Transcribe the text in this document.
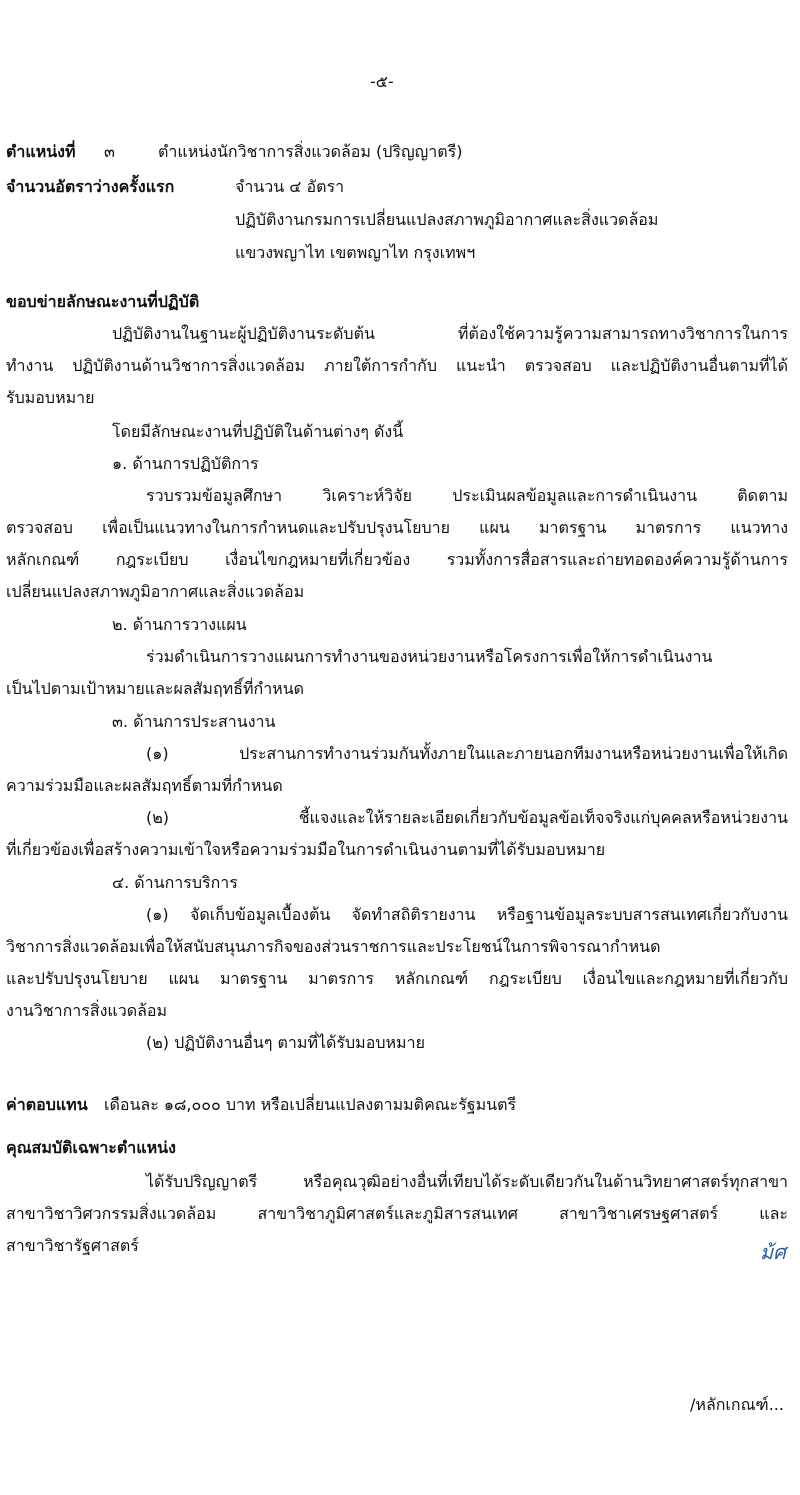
-๕-
ตำแหน่งที่ ๓	ตำแหน่งนักวิชาการสิ่งแวดล้อม (ปริญญาตรี)
จำนวนอัตราว่างครั้งแรก	จำนวน ๔ อัตรา
ปฏิบัติงานกรมการเปลี่ยนแปลงสภาพภูมิอากาศและสิ่งแวดล้อม
แขวงพญาไท เขตพญาไท กรุงเทพฯ
ขอบข่ายลักษณะงานที่ปฏิบัติ
ปฏิบัติงานในฐานะผู้ปฏิบัติงานระดับต้น ที่ต้องใช้ความรู้ความสามารถทางวิชาการในการ
ทำงาน ปฏิบัติงานด้านวิชาการสิ่งแวดล้อม ภายใต้การกำกับ แนะนำ ตรวจสอบ และปฏิบัติงานอื่นตามที่ได้
รับมอบหมาย
โดยมีลักษณะงานที่ปฏิบัติในด้านต่างๆ ดังนี้
๑. ด้านการปฏิบัติการ
รวบรวมข้อมูลศึกษา วิเคราะห์วิจัย ประเมินผลข้อมูลและการดำเนินงาน ติดตาม
ตรวจสอบ เพื่อเป็นแนวทางในการกำหนดและปรับปรุงนโยบาย แผน มาตรฐาน มาตรการ แนวทาง
หลักเกณฑ์ กฎระเบียบ เงื่อนไขกฎหมายที่เกี่ยวข้อง รวมทั้งการสื่อสารและถ่ายทอดองค์ความรู้ด้านการ
เปลี่ยนแปลงสภาพภูมิอากาศและสิ่งแวดล้อม
๒. ด้านการวางแผน
ร่วมดำเนินการวางแผนการทำงานของหน่วยงานหรือโครงการเพื่อให้การดำเนินงาน
เป็นไปตามเป้าหมายและผลสัมฤทธิ์ที่กำหนด
๓. ด้านการประสานงาน
(๑) ประสานการทำงานร่วมกันทั้งภายในและภายนอกทีมงานหรือหน่วยงานเพื่อให้เกิด
ความร่วมมือและผลสัมฤทธิ์ตามที่กำหนด
(๒) ชี้แจงและให้รายละเอียดเกี่ยวกับข้อมูลข้อเท็จจริงแก่บุคคลหรือหน่วยงาน
ที่เกี่ยวข้องเพื่อสร้างความเข้าใจหรือความร่วมมือในการดำเนินงานตามที่ได้รับมอบหมาย
๔. ด้านการบริการ
(๑) จัดเก็บข้อมูลเบื้องต้น จัดทำสถิติรายงาน หรือฐานข้อมูลระบบสารสนเทศเกี่ยวกับงาน
วิชาการสิ่งแวดล้อมเพื่อให้สนับสนุนภารกิจของส่วนราชการและประโยชน์ในการพิจารณากำหนด
และปรับปรุงนโยบาย แผน มาตรฐาน มาตรการ หลักเกณฑ์ กฎระเบียบ เงื่อนไขและกฎหมายที่เกี่ยวกับ
งานวิชาการสิ่งแวดล้อม
(๒) ปฏิบัติงานอื่นๆ ตามที่ได้รับมอบหมาย
ค่าตอบแทน เดือนละ ๑๘,๐๐๐ บาท หรือเปลี่ยนแปลงตามมติคณะรัฐมนตรี
คุณสมบัติเฉพาะตำแหน่ง
ได้รับปริญญาตรี หรือคุณวุฒิอย่างอื่นที่เทียบได้ระดับเดียวกันในด้านวิทยาศาสตร์ทุกสาขา
สาขาวิชาวิศวกรรมสิ่งแวดล้อม สาขาวิชาภูมิศาสตร์และภูมิสารสนเทศ สาขาวิชาเศรษฐศาสตร์ และ
สาขาวิชารัฐศาสตร์	ม้ศ
/หลักเกณฑ์...
